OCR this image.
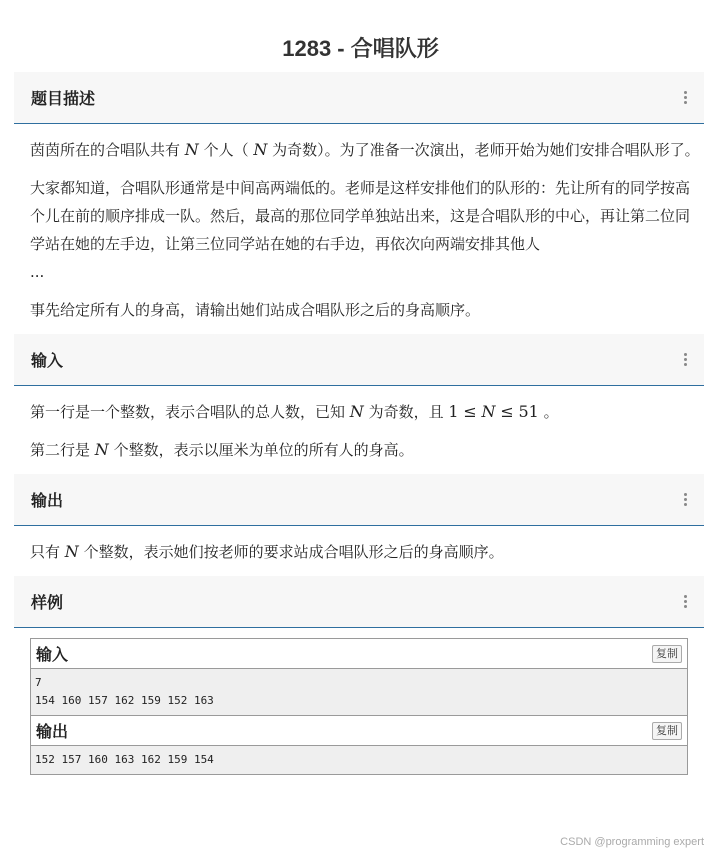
1283 - 合唱队形
题目描述

茵茵所在的合唱队共有 N 个人（ N 为奇数）。为了准备一次演出，老师开始为她们安排合唱队形了。

大家都知道，合唱队形通常是中间高两端低的。老师是这样安排他们的队形的：先让所有的同学按高个儿在前的顺序排成一队。然后，最高的那位同学单独站出来，这是合唱队形的中心，再让第二位同学站在她的左手边，让第三位同学站在她的右手边，再依次向两端安排其他人
...

事先给定所有人的身高，请输出她们站成合唱队形之后的身高顺序。

输入

第一行是一个整数，表示合唱队的总人数，已知 N 为奇数，且 1 ≤ N ≤ 51 。

第二行是 N 个整数，表示以厘米为单位的所有人的身高。

输出

只有 N 个整数，表示她们按老师的要求站成合唱队形之后的身高顺序。

样例
输入	复制
7
154 160 157 162 159 152 163
输出	复制
152 157 160 163 162 159 154
CSDN @programming expert
